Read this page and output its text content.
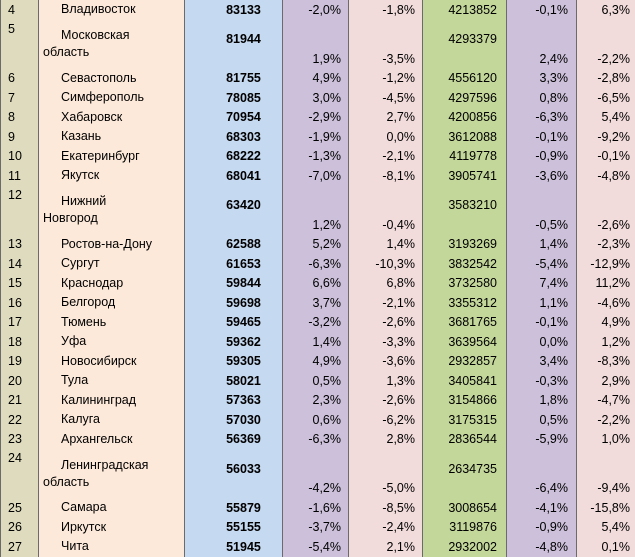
4	Владивосток	83133	-2,0%	-1,8%	4213852	-0,1%	6,3%
5	Московская
область	81944	1,9%	-3,5%	4293379	2,4%	-2,2%
6	Севастополь	81755	4,9%	-1,2%	4556120	3,3%	-2,8%
7	Симферополь	78085	3,0%	-4,5%	4297596	0,8%	-6,5%
8	Хабаровск	70954	-2,9%	2,7%	4200856	-6,3%	5,4%
9	Казань	68303	-1,9%	0,0%	3612088	-0,1%	-9,2%
10	Екатеринбург	68222	-1,3%	-2,1%	4119778	-0,9%	-0,1%
11	Якутск	68041	-7,0%	-8,1%	3905741	-3,6%	-4,8%
12	Нижний
Новгород	63420	1,2%	-0,4%	3583210	-0,5%	-2,6%
13	Ростов-на-Дону	62588	5,2%	1,4%	3193269	1,4%	-2,3%
14	Сургут	61653	-6,3%	-10,3%	3832542	-5,4%	-12,9%
15	Краснодар	59844	6,6%	6,8%	3732580	7,4%	11,2%
16	Белгород	59698	3,7%	-2,1%	3355312	1,1%	-4,6%
17	Тюмень	59465	-3,2%	-2,6%	3681765	-0,1%	4,9%
18	Уфа	59362	1,4%	-3,3%	3639564	0,0%	1,2%
19	Новосибирск	59305	4,9%	-3,6%	2932857	3,4%	-8,3%
20	Тула	58021	0,5%	1,3%	3405841	-0,3%	2,9%
21	Калининград	57363	2,3%	-2,6%	3154866	1,8%	-4,7%
22	Калуга	57030	0,6%	-6,2%	3175315	0,5%	-2,2%
23	Архангельск	56369	-6,3%	2,8%	2836544	-5,9%	1,0%
24	Ленинградская
область	56033	-4,2%	-5,0%	2634735	-6,4%	-9,4%
25	Самара	55879	-1,6%	-8,5%	3008654	-4,1%	-15,8%
26	Иркутск	55155	-3,7%	-2,4%	3119876	-0,9%	5,4%
27	Чита	51945	-5,4%	2,1%	2932002	-4,8%	0,1%
